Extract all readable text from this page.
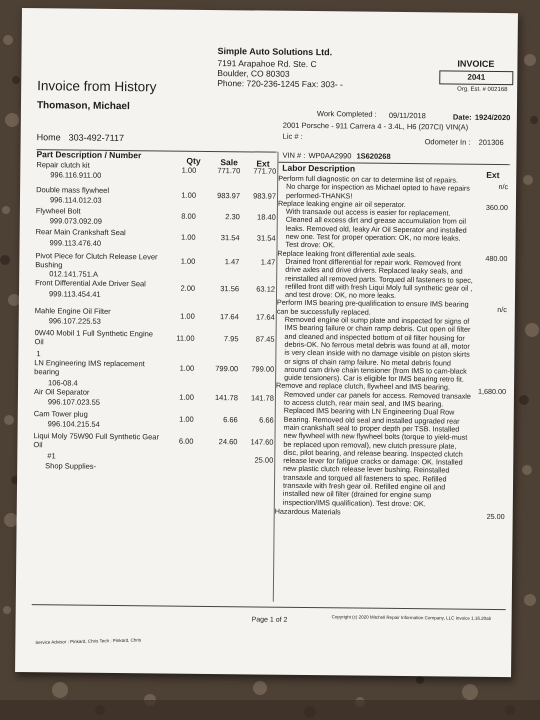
Simple Auto Solutions Ltd.
7191 Arapahoe Rd. Ste. C
Boulder, CO 80303
Phone: 720-236-1245 Fax: 303- -
INVOICE
2041
Org. Est. # 002168
Invoice from History
Thomason, Michael
Work Completed : 09/11/2018	Date: 1924/2020
2001 Porsche - 911 Carrera 4 - 3.4L, H6 (207CI) VIN(A)
Lic # :
Odometer In : 201306
Home 303-492-7117
VIN # : WP0AA2990 1S620268
Part Description / Number
Qty Sale Ext Labor Description
Ext
Repair clutch kit
996.116.911.00
1.00	771.70	771.70
Double mass flywheel
996.114.012.03
1.00	983.97	983.97
Flywheel Bolt
999.073.092.09
8.00	2.30	18.40
Rear Main Crankshaft Seal
999.113.476.40
1.00	31.54	31.54
Pivot Piece for Clutch Release Lever Bushing
012.141.751.A
1.00	1.47	1.47
Front Differential Axle Driver Seal
999.113.454.41
2.00	31.56	63.12
Mahle Engine Oil Filter
996.107.225.53
1.00	17.64	17.64
0W40 Mobil 1 Full Synthetic Engine Oil
1
11.00	7.95	87.45
LN Engineering IMS replacement bearing
106-08.4
1.00	799.00	799.00
Air Oil Separator
996.107.023.55
1.00	141.78	141.78
Cam Tower plug
996.104.215.54
1.00	6.66	6.66
Liqui Moly 75W90 Full Synthetic Gear Oil
#1
6.00	24.60	147.60
Shop Supplies-
25.00
Perform full diagnostic on car to determine list of repairs.
n/c
No charge for inspection as Michael opted to have repairs performed-THANKS!
Replace leaking engine air oil seperator.	360.00
With transaxle out access is easier for replacement. Cleaned all excess dirt and grease accumulation from oil leaks. Removed old, leaky Air Oil Seperator and installed new one. Test for proper operation: OK, no more leaks. Test drove: OK.
Replace leaking front differential axle seals.	480.00
Drained front differential for repair work. Removed front drive axles and drive drivers. Replaced leaky seals, and reinstalled all removed parts. Torqued all fasteners to spec, refilled front diff with fresh Liqui Moly full synthetic gear oil , and test drove: OK, no more leaks.
Perform IMS bearing pre-qualification to ensure IMS bearing can be successfully replaced.	n/c
Removed engine oil sump plate and inspected for signs of IMS bearing failure or chain ramp debris. Cut open oil filter and cleaned and inspected bottom of oil filter housing for debris-OK. No ferrous metal debris was found at all, motor is very clean inside with no damage visible on piston skirts or signs of chain ramp failure. No metal debris found around cam drive chain tensioner (from IMS to cam-black guide tensioners). Car is eligible for IMS bearing retro fit.
Remove and replace clutch, flywheel and IMS bearing.	1,680.00
Removed under car panels for access. Removed transaxle to access clutch, rear main seal, and IMS bearing. Replaced IMS bearing with LN Engineering Dual Row Bearing. Removed old seal and installed upgraded rear main crankshaft seal to proper depth per TSB. Installed new flywheel with new flywheel bolts (torque to yield-must be replaced upon removal), new clutch pressure plate, disc, pilot bearing, and release bearing. Inspected clutch release lever for fatigue cracks or damage: OK. Installed new plastic clutch release lever bushing. Reinstalled transaxle and torqued all fasteners to spec. Refilled transaxle with fresh gear oil. Refilled engine oil and installed new oil filter (drained for engine sump inspection/IMS qualification). Test drove: OK.
Hazardous Materials
25.00
Page 1 of 2	Copyright (c) 2020 Mitchell Repair Information Company, LLC Invoice 1.16.20ab
Service Advisor : Pinkard, Chris Tech : Pinkard, Chris
